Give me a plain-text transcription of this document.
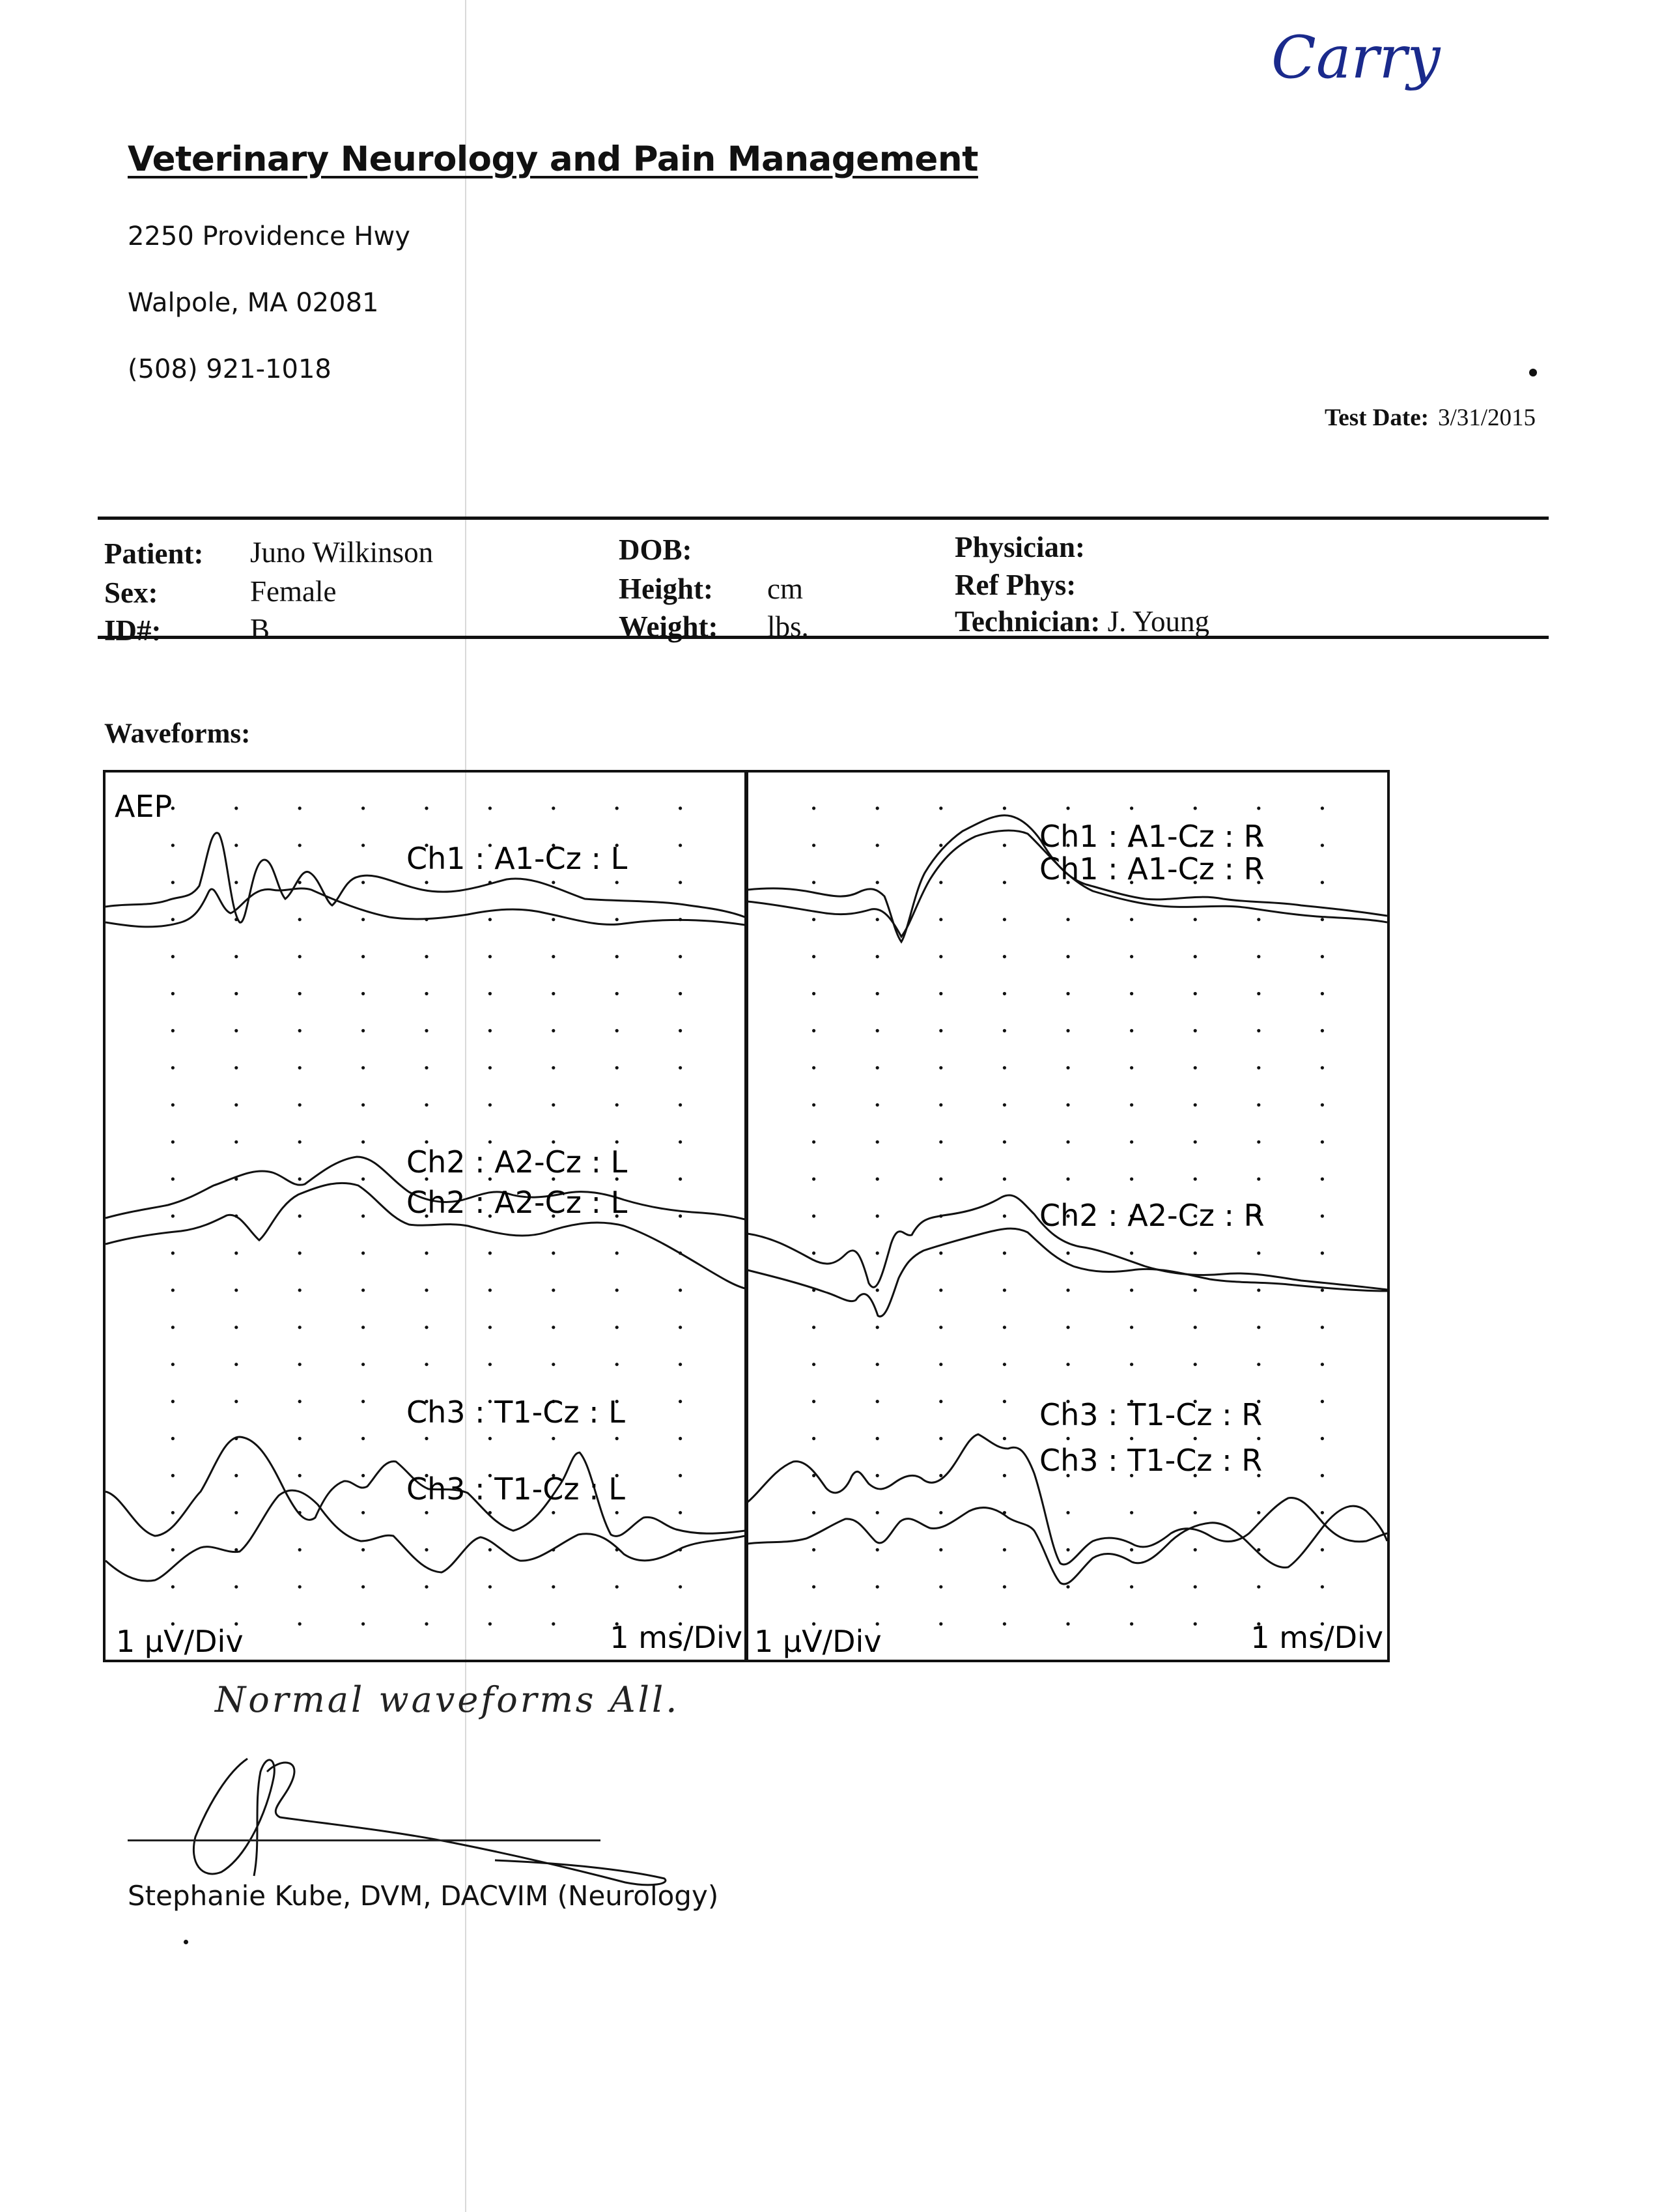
Carry
Veterinary Neurology and Pain Management
2250 Providence Hwy
Walpole, MA 02081
(508) 921-1018
Test Date: 3/31/2015
Patient: Juno Wilkinson
Sex:	Female
ID#:	B
DOB:
Height: cm
Weight: lbs.
Physician:
Ref Phys:
Technician: J. Young
Waveforms:
AEP
Ch1 : A1-Cz : L
Ch2 : A2-Cz : L
Ch2 : A2-Cz : L
Ch3 : T1-Cz : L
Ch3 : T1-Cz : L
Ch1 : A1-Cz : R
Ch1 : A1-Cz : R
Ch2 : A2-Cz : R
Ch3 : T1-Cz : R
Ch3 : T1-Cz : R
1 µV/Div	1 ms/Div 1 µV/Div	1 ms/Div
Normal waveforms All.
Stephanie Kube, DVM, DACVIM (Neurology)
